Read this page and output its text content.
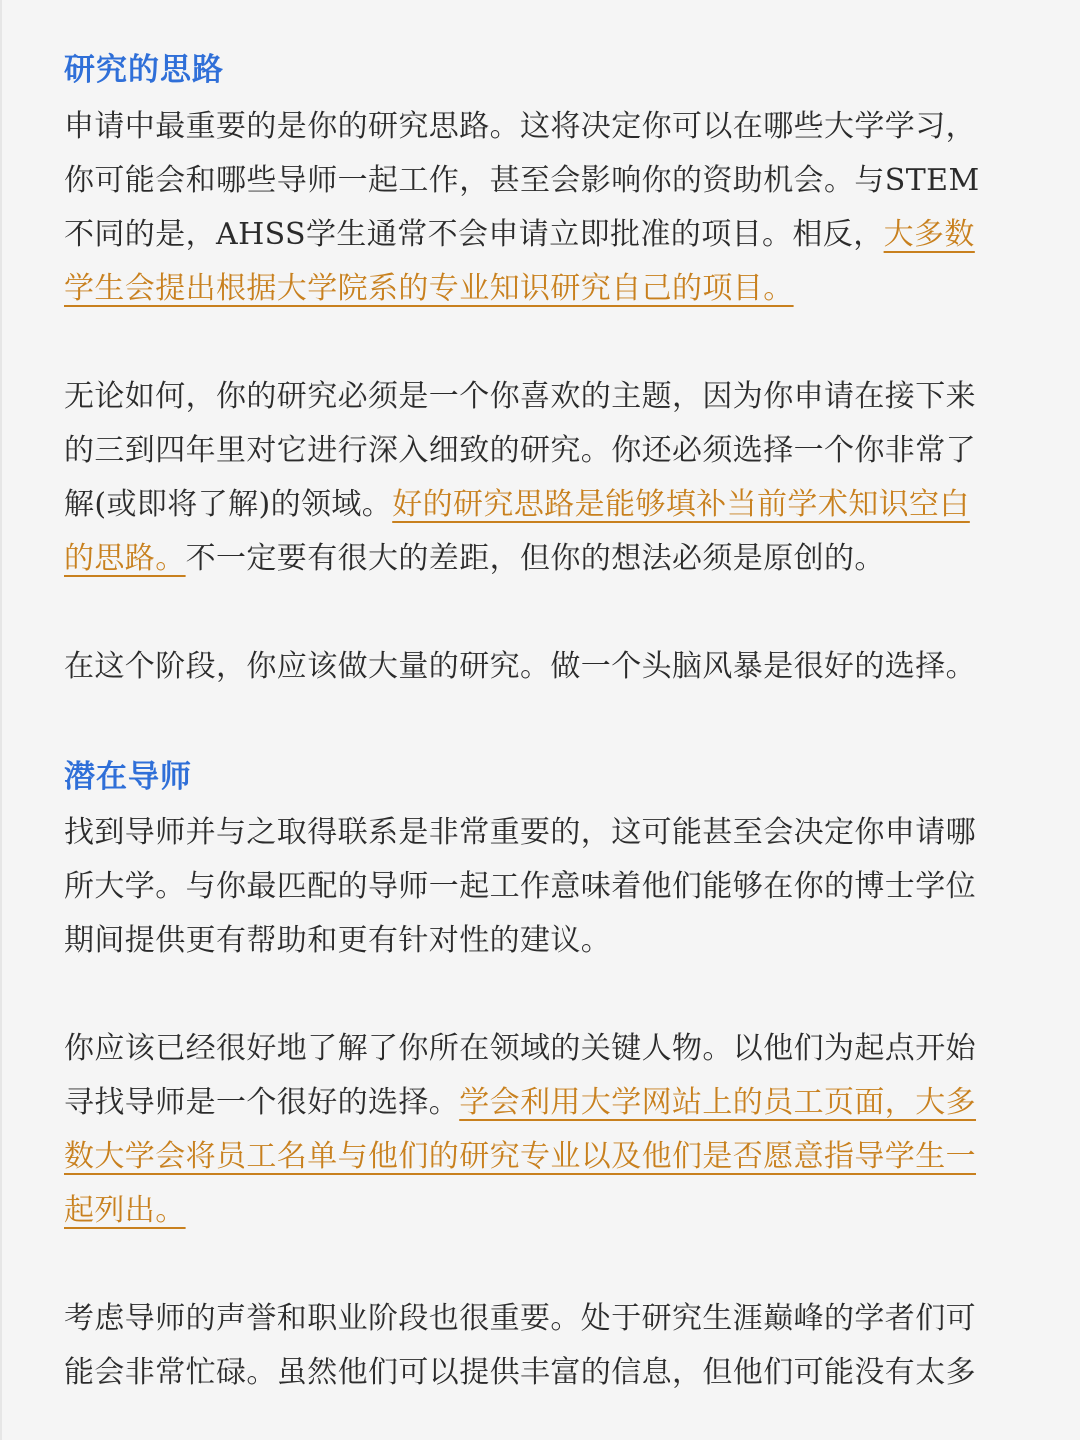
研究的思路
申请中最重要的是你的研究思路。这将决定你可以在哪些大学学习，
你可能会和哪些导师一起工作，甚至会影响你的资助机会。与STEM
不同的是，AHSS学生通常不会申请立即批准的项目。相反，大多数
学生会提出根据大学院系的专业知识研究自己的项目。
无论如何，你的研究必须是一个你喜欢的主题，因为你申请在接下来
的三到四年里对它进行深入细致的研究。你还必须选择一个你非常了
解(或即将了解)的领域。好的研究思路是能够填补当前学术知识空白
的思路。不一定要有很大的差距，但你的想法必须是原创的。
在这个阶段，你应该做大量的研究。做一个头脑风暴是很好的选择。
潜在导师
找到导师并与之取得联系是非常重要的，这可能甚至会决定你申请哪
所大学。与你最匹配的导师一起工作意味着他们能够在你的博士学位
期间提供更有帮助和更有针对性的建议。
你应该已经很好地了解了你所在领域的关键人物。以他们为起点开始
寻找导师是一个很好的选择。学会利用大学网站上的员工页面，大多
数大学会将员工名单与他们的研究专业以及他们是否愿意指导学生一
起列出。
考虑导师的声誉和职业阶段也很重要。处于研究生涯巅峰的学者们可
能会非常忙碌。虽然他们可以提供丰富的信息，但他们可能没有太多
